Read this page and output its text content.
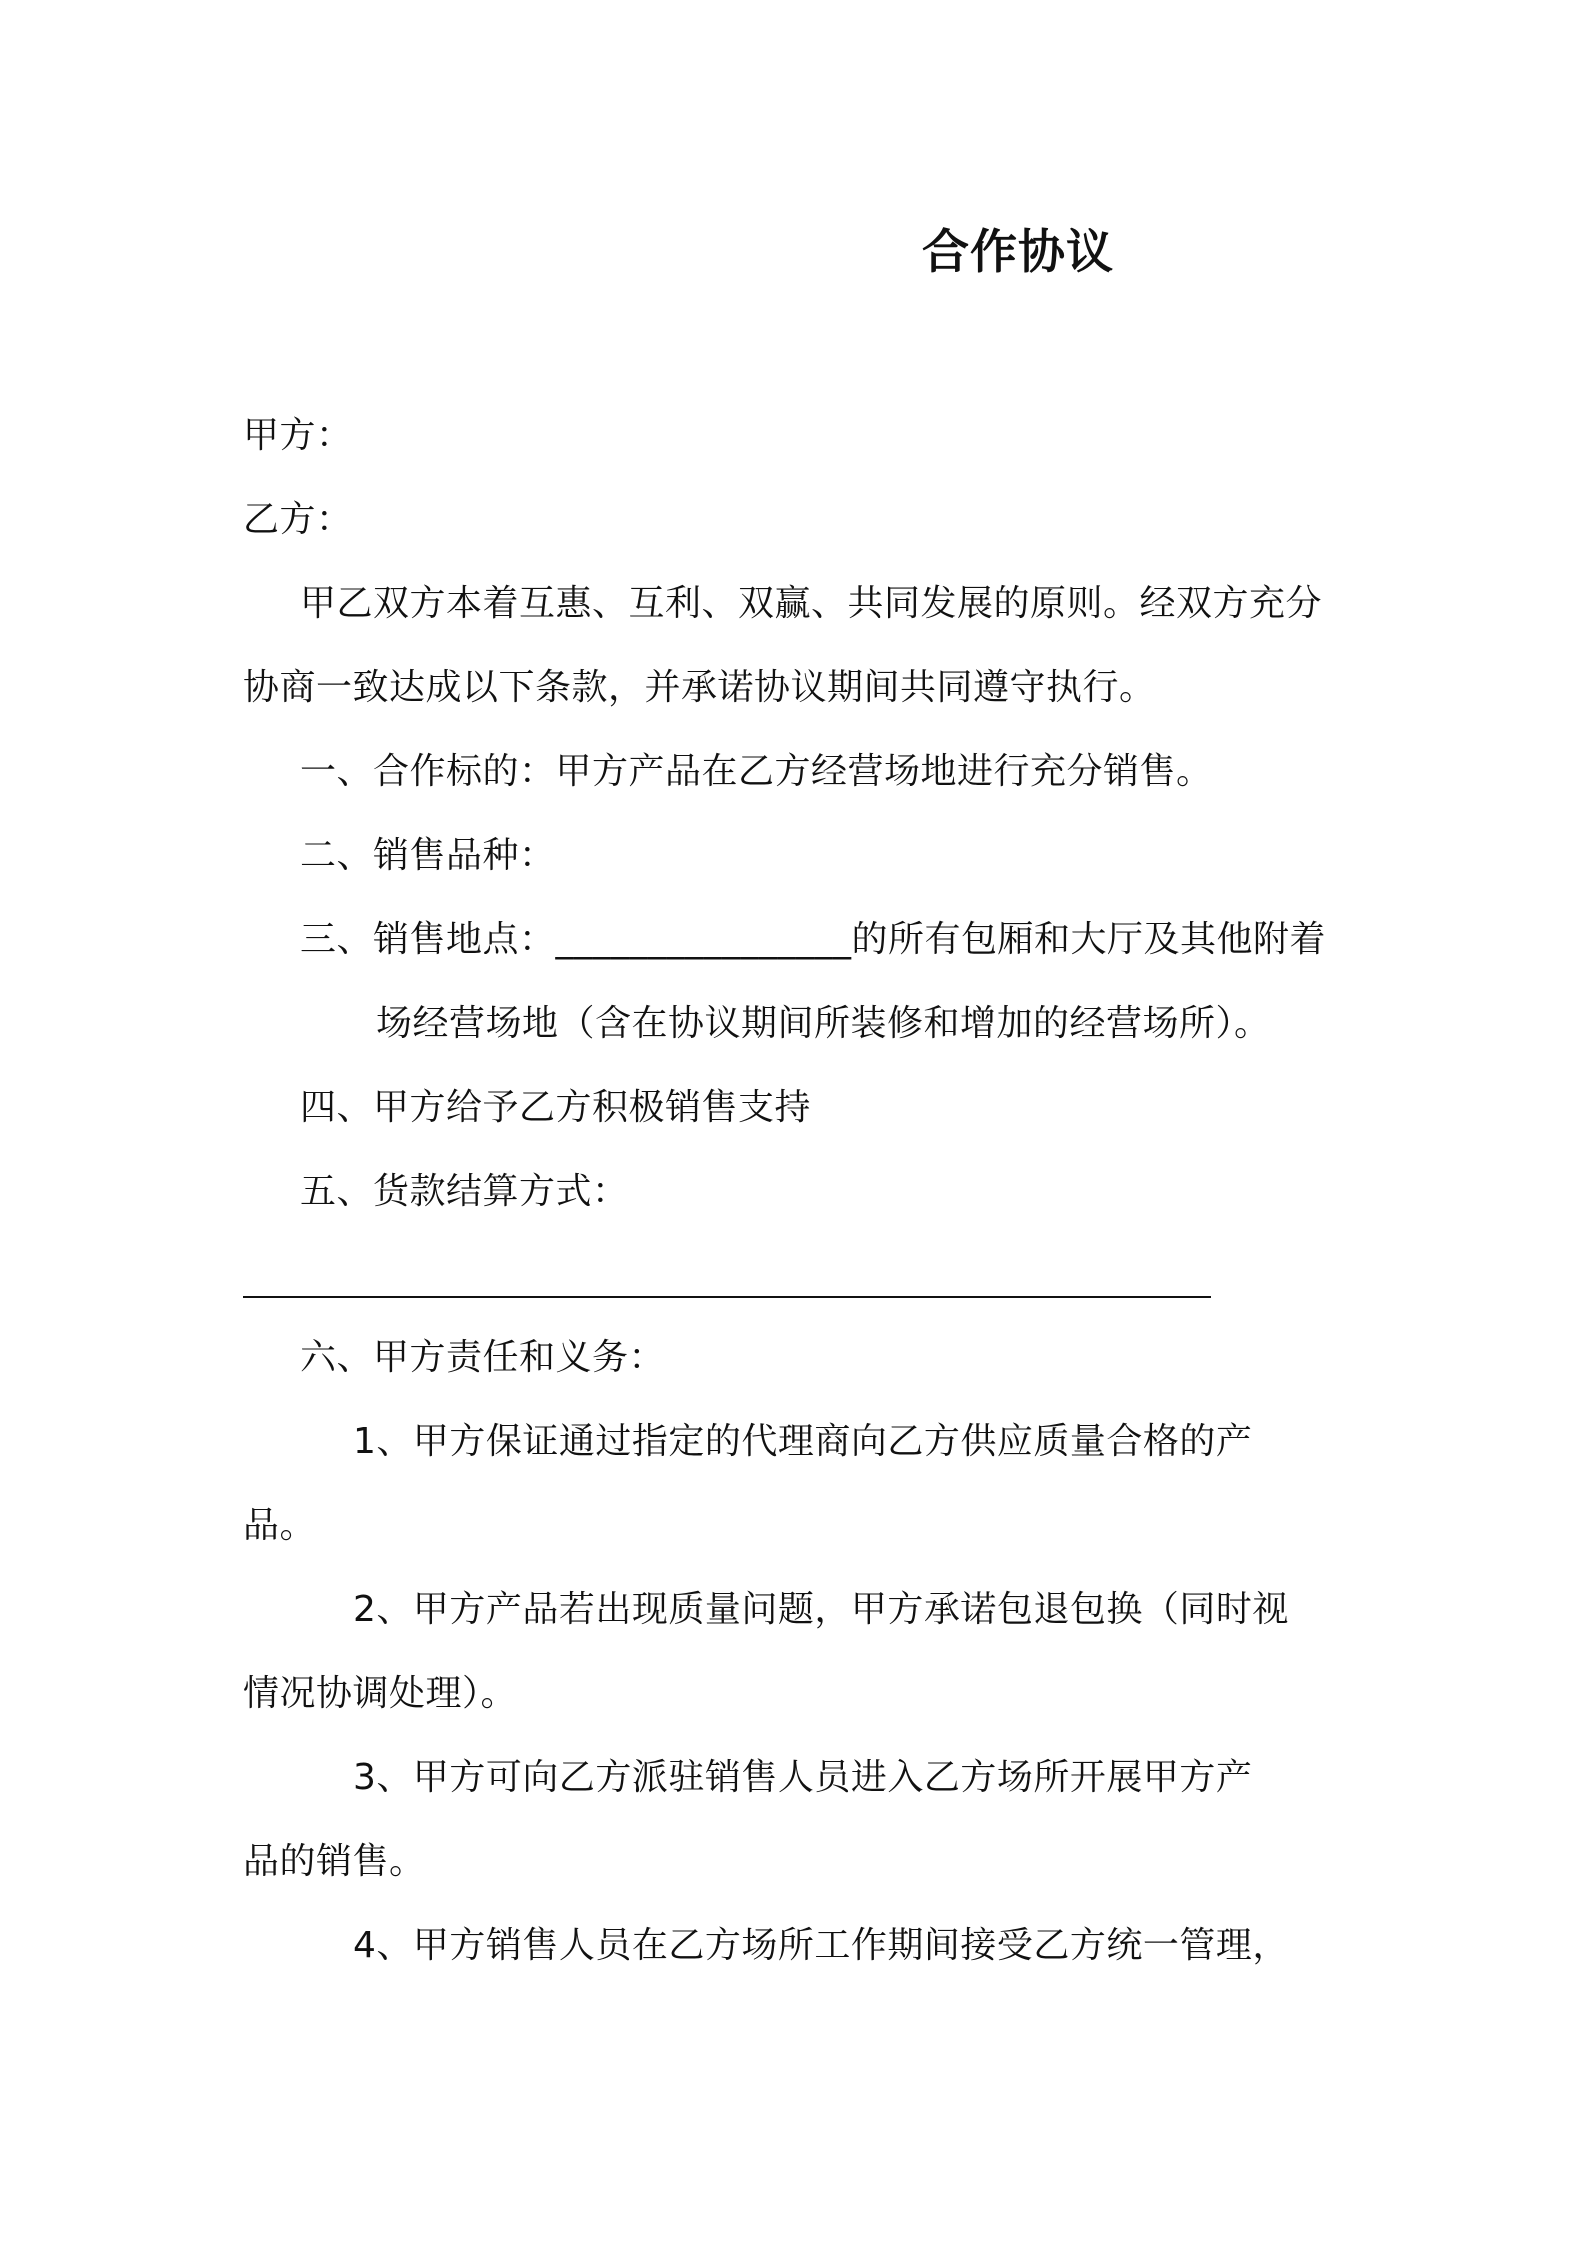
合作协议
甲方：
乙方：
甲乙双方本着互惠、互利、双赢、共同发展的原则。经双方充分
协商一致达成以下条款，并承诺协议期间共同遵守执行。
一、合作标的：甲方产品在乙方经营场地进行充分销售。
二、销售品种：
三、销售地点：________________的所有包厢和大厅及其他附着
场经营场地（含在协议期间所装修和增加的经营场所）。
四、甲方给予乙方积极销售支持
五、货款结算方式：
六、甲方责任和义务：
1、甲方保证通过指定的代理商向乙方供应质量合格的产
品。
2、甲方产品若出现质量问题，甲方承诺包退包换（同时视
情况协调处理）。
3、甲方可向乙方派驻销售人员进入乙方场所开展甲方产
品的销售。
4、甲方销售人员在乙方场所工作期间接受乙方统一管理，
